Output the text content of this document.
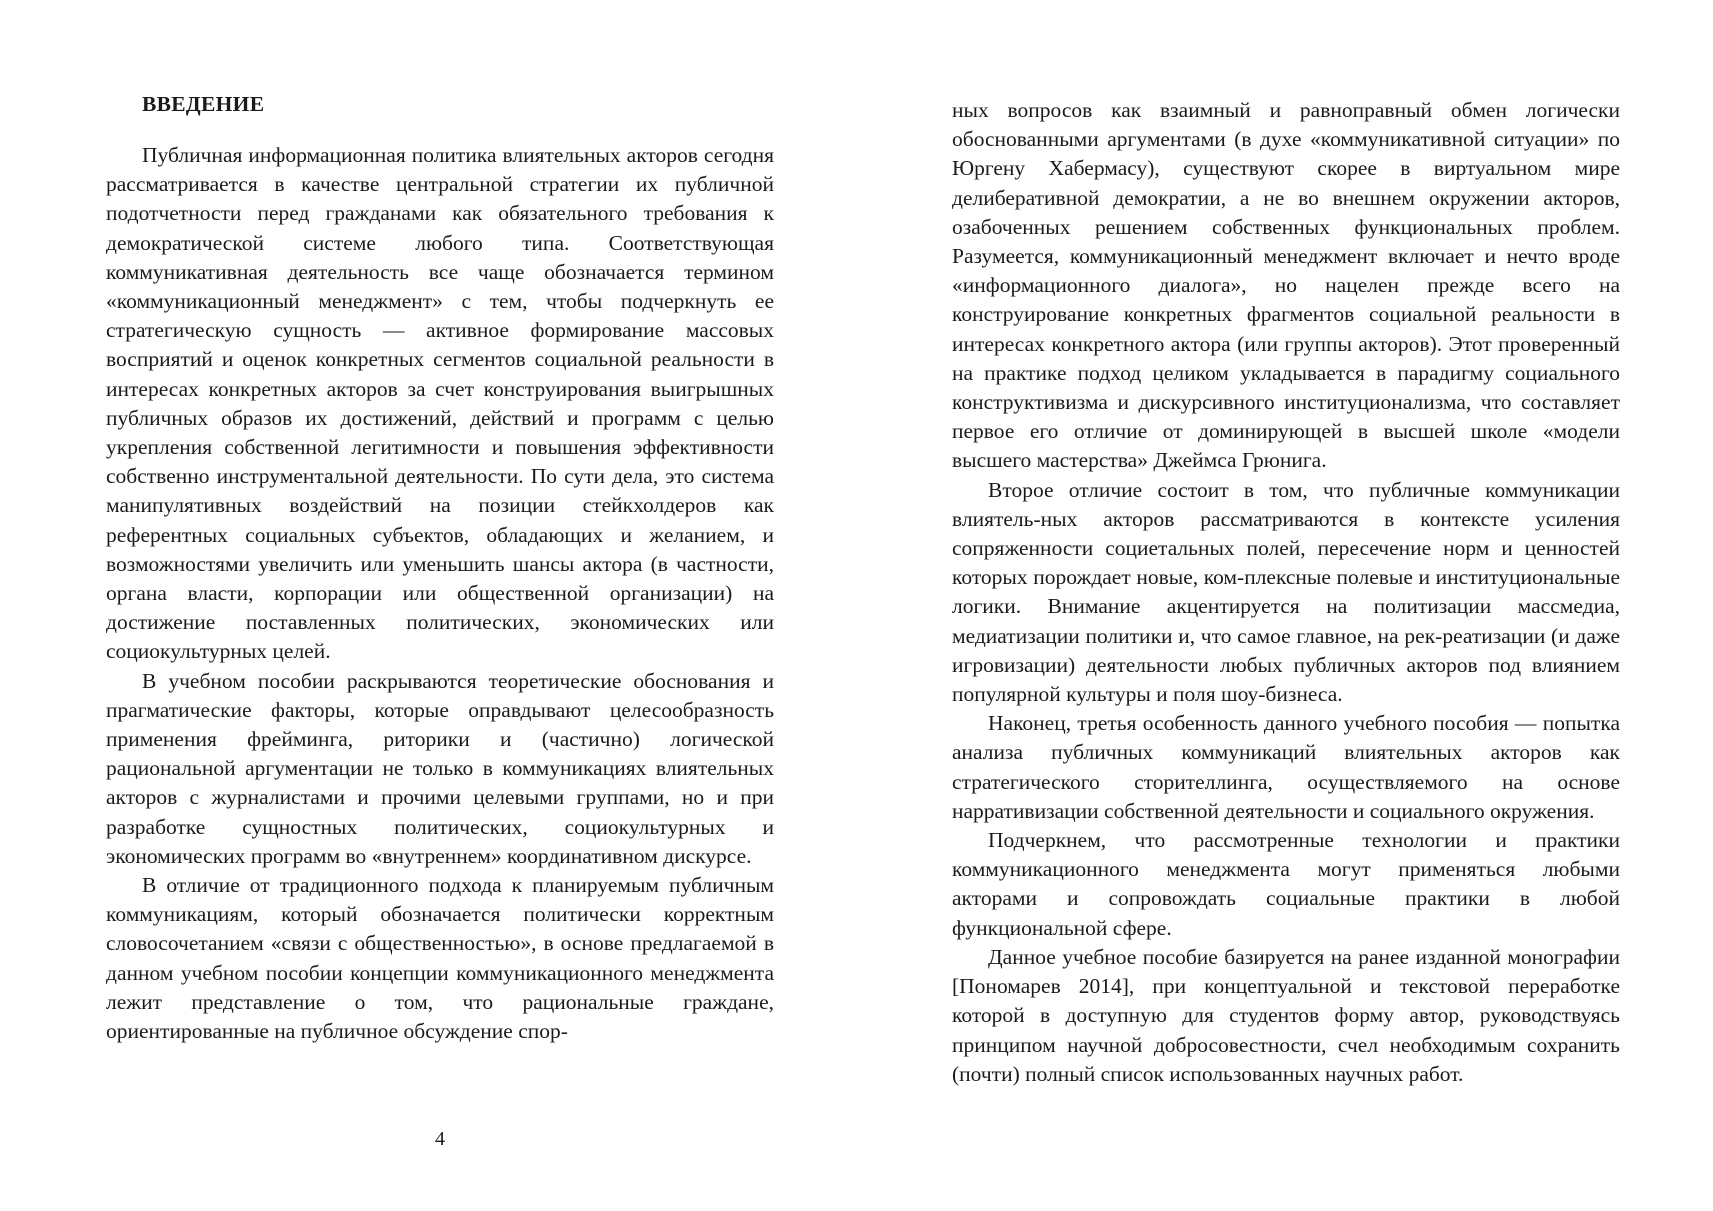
ВВЕДЕНИЕ

Публичная информационная политика влиятельных акторов сегодня рассматривается в качестве центральной стратегии их публичной подотчетности перед гражданами как обязательного требования к демократической системе любого типа. Соответствующая коммуникативная деятельность все чаще обозначается термином «коммуникационный менеджмент» с тем, чтобы подчеркнуть ее стратегическую сущность — активное формирование массовых восприятий и оценок конкретных сегментов социальной реальности в интересах конкретных акторов за счет конструирования выигрышных публичных образов их достижений, действий и программ с целью укрепления собственной легитимности и повышения эффективности собственно инструментальной деятельности. По сути дела, это система манипулятивных воздействий на позиции стейкхолдеров как референтных социальных субъектов, обладающих и желанием, и возможностями увеличить или уменьшить шансы актора (в частности, органа власти, корпорации или общественной организации) на достижение поставленных политических, экономических или социокультурных целей.

В учебном пособии раскрываются теоретические обоснования и прагматические факторы, которые оправдывают целесообразность применения фрейминга, риторики и (частично) логической рациональной аргументации не только в коммуникациях влиятельных акторов с журналистами и прочими целевыми группами, но и при разработке сущностных политических, социокультурных и экономических программ во «внутреннем» координативном дискурсе.

В отличие от традиционного подхода к планируемым публичным коммуникациям, который обозначается политически корректным словосочетанием «связи с общественностью», в основе предлагаемой в данном учебном пособии концепции коммуникационного менеджмента лежит представление о том, что рациональные граждане, ориентированные на публичное обсуждение спор-

4

ных вопросов как взаимный и равноправный обмен логически обоснованными аргументами (в духе «коммуникативной ситуации» по Юргену Хабермасу), существуют скорее в виртуальном мире делиберативной демократии, а не во внешнем окружении акторов, озабоченных решением собственных функциональных проблем. Разумеется, коммуникационный менеджмент включает и нечто вроде «информационного диалога», но нацелен прежде всего на конструирование конкретных фрагментов социальной реальности в интересах конкретного актора (или группы акторов). Этот проверенный на практике подход целиком укладывается в парадигму социального конструктивизма и дискурсивного институционализма, что составляет первое его отличие от доминирующей в высшей школе «модели высшего мастерства» Джеймса Грюнига.

Второе отличие состоит в том, что публичные коммуникации влиятель-ных акторов рассматриваются в контексте усиления сопряженности социетальных полей, пересечение норм и ценностей которых порождает новые, ком-плексные полевые и институциональные логики. Внимание акцентируется на политизации массмедиа, медиатизации политики и, что самое главное, на рек-реатизации (и даже игровизации) деятельности любых публичных акторов под влиянием популярной культуры и поля шоу-бизнеса.

Наконец, третья особенность данного учебного пособия — попытка анализа публичных коммуникаций влиятельных акторов как стратегического сторителлинга, осуществляемого на основе нарративизации собственной деятельности и социального окружения.

Подчеркнем, что рассмотренные технологии и практики коммуникационного менеджмента могут применяться любыми акторами и сопровождать социальные практики в любой функциональной сфере.

Данное учебное пособие базируется на ранее изданной монографии [Пономарев 2014], при концептуальной и текстовой переработке которой в доступную для студентов форму автор, руководствуясь принципом научной добросовестности, счел необходимым сохранить (почти) полный список использованных научных работ.
